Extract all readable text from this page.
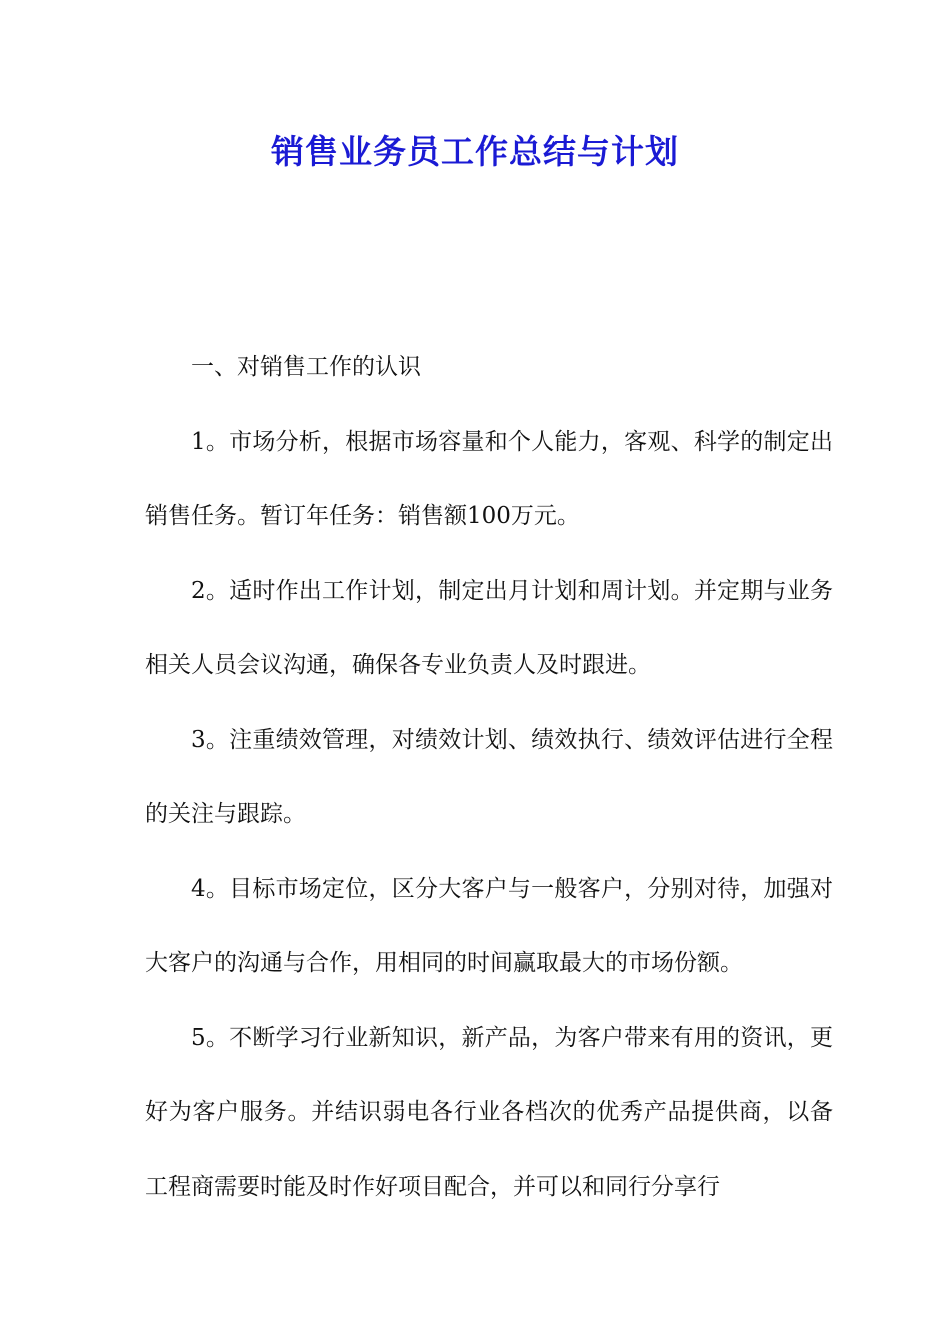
销售业务员工作总结与计划

一、对销售工作的认识

1。市场分析，根据市场容量和个人能力，客观、科学的制定出销售任务。暂订年任务：销售额100万元。

2。适时作出工作计划，制定出月计划和周计划。并定期与业务相关人员会议沟通，确保各专业负责人及时跟进。

3。注重绩效管理，对绩效计划、绩效执行、绩效评估进行全程的关注与跟踪。

4。目标市场定位，区分大客户与一般客户，分别对待，加强对大客户的沟通与合作，用相同的时间赢取最大的市场份额。

5。不断学习行业新知识，新产品，为客户带来有用的资讯，更好为客户服务。并结识弱电各行业各档次的优秀产品提供商，以备工程商需要时能及时作好项目配合，并可以和同行分享行
